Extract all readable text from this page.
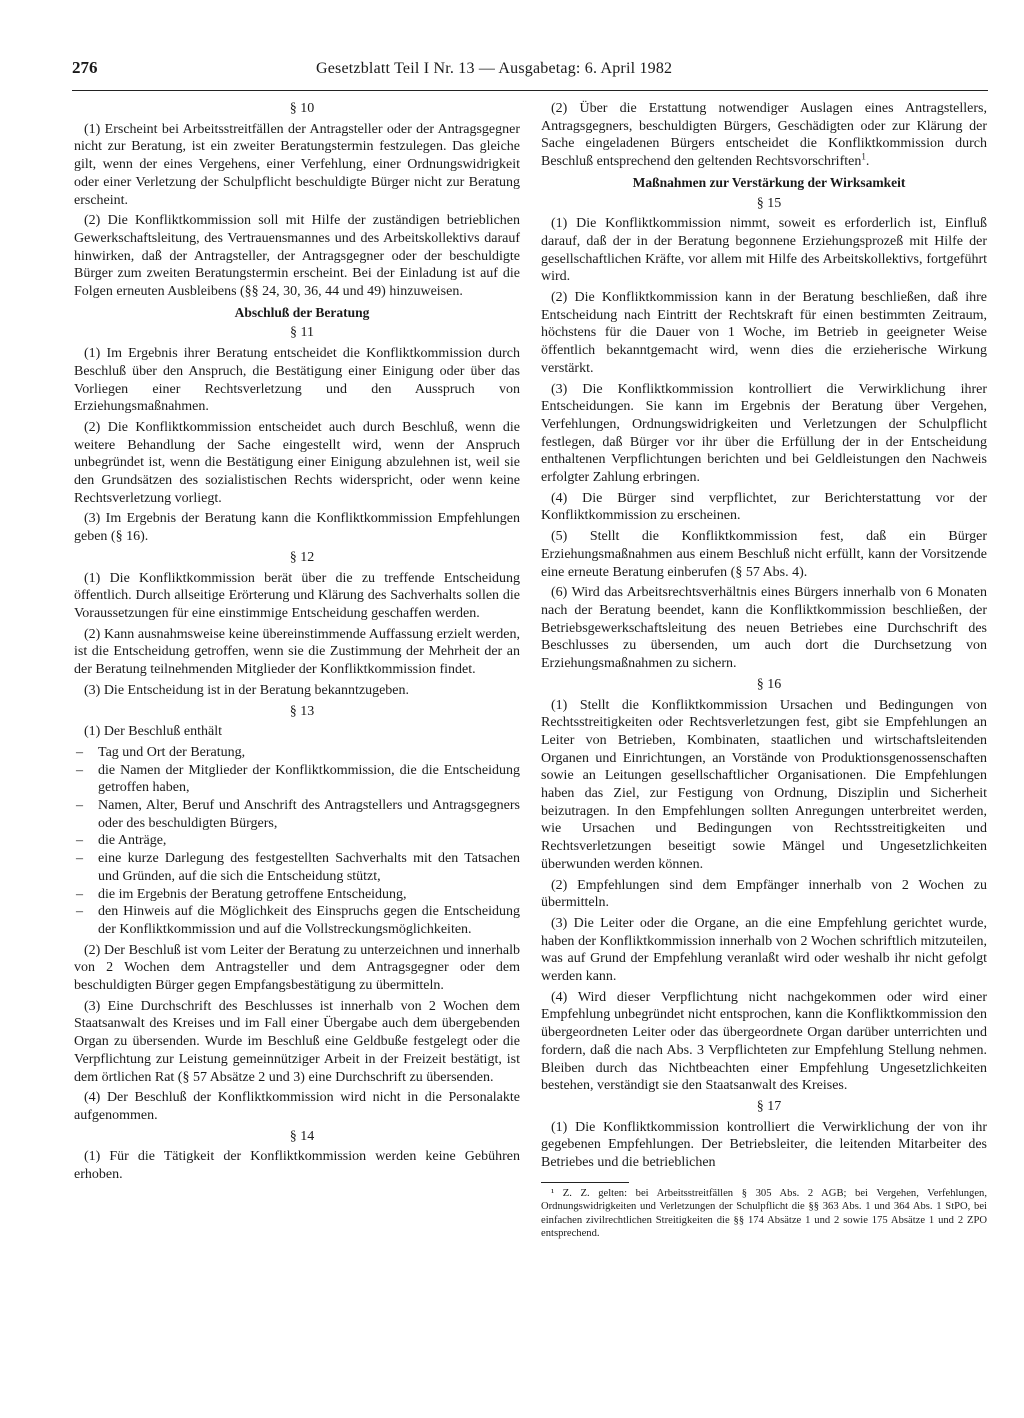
276	Gesetzblatt Teil I Nr. 13 — Ausgabetag: 6. April 1982

§ 10

(1) Erscheint bei Arbeitsstreitfällen der Antragsteller oder der Antragsgegner nicht zur Beratung, ist ein zweiter Beratungstermin festzulegen. Das gleiche gilt, wenn der eines Vergehens, einer Verfehlung, einer Ordnungswidrigkeit oder einer Verletzung der Schulpflicht beschuldigte Bürger nicht zur Beratung erscheint.

(2) Die Konfliktkommission soll mit Hilfe der zuständigen betrieblichen Gewerkschaftsleitung, des Vertrauensmannes und des Arbeitskollektivs darauf hinwirken, daß der Antragsteller, der Antragsgegner oder der beschuldigte Bürger zum zweiten Beratungstermin erscheint. Bei der Einladung ist auf die Folgen erneuten Ausbleibens (§§ 24, 30, 36, 44 und 49) hinzuweisen.

Abschluß der Beratung

§ 11

(1) Im Ergebnis ihrer Beratung entscheidet die Konfliktkommission durch Beschluß über den Anspruch, die Bestätigung einer Einigung oder über das Vorliegen einer Rechtsverletzung und den Ausspruch von Erziehungsmaßnahmen.

(2) Die Konfliktkommission entscheidet auch durch Beschluß, wenn die weitere Behandlung der Sache eingestellt wird, wenn der Anspruch unbegründet ist, wenn die Bestätigung einer Einigung abzulehnen ist, weil sie den Grundsätzen des sozialistischen Rechts widerspricht, oder wenn keine Rechtsverletzung vorliegt.

(3) Im Ergebnis der Beratung kann die Konfliktkommission Empfehlungen geben (§ 16).

§ 12

(1) Die Konfliktkommission berät über die zu treffende Entscheidung öffentlich. Durch allseitige Erörterung und Klärung des Sachverhalts sollen die Voraussetzungen für eine einstimmige Entscheidung geschaffen werden.

(2) Kann ausnahmsweise keine übereinstimmende Auffassung erzielt werden, ist die Entscheidung getroffen, wenn sie die Zustimmung der Mehrheit der an der Beratung teilnehmenden Mitglieder der Konfliktkommission findet.

(3) Die Entscheidung ist in der Beratung bekanntzugeben.

§ 13

(1) Der Beschluß enthält

– Tag und Ort der Beratung,
– die Namen der Mitglieder der Konfliktkommission, die die Entscheidung getroffen haben,
– Namen, Alter, Beruf und Anschrift des Antragstellers und Antragsgegners oder des beschuldigten Bürgers,
– die Anträge,
– eine kurze Darlegung des festgestellten Sachverhalts mit den Tatsachen und Gründen, auf die sich die Entscheidung stützt,
– die im Ergebnis der Beratung getroffene Entscheidung,
– den Hinweis auf die Möglichkeit des Einspruchs gegen die Entscheidung der Konfliktkommission und auf die Vollstreckungsmöglichkeiten.

(2) Der Beschluß ist vom Leiter der Beratung zu unterzeichnen und innerhalb von 2 Wochen dem Antragsteller und dem Antragsgegner oder dem beschuldigten Bürger gegen Empfangsbestätigung zu übermitteln.

(3) Eine Durchschrift des Beschlusses ist innerhalb von 2 Wochen dem Staatsanwalt des Kreises und im Fall einer Übergabe auch dem übergebenden Organ zu übersenden. Wurde im Beschluß eine Geldbuße festgelegt oder die Verpflichtung zur Leistung gemeinnütziger Arbeit in der Freizeit bestätigt, ist dem örtlichen Rat (§ 57 Absätze 2 und 3) eine Durchschrift zu übersenden.

(4) Der Beschluß der Konfliktkommission wird nicht in die Personalakte aufgenommen.

§ 14

(1) Für die Tätigkeit der Konfliktkommission werden keine Gebühren erhoben.

(2) Über die Erstattung notwendiger Auslagen eines Antragstellers, Antragsgegners, beschuldigten Bürgers, Geschädigten oder zur Klärung der Sache eingeladenen Bürgers entscheidet die Konfliktkommission durch Beschluß entsprechend den geltenden Rechtsvorschriften$^1$.

Maßnahmen zur Verstärkung der Wirksamkeit

§ 15

(1) Die Konfliktkommission nimmt, soweit es erforderlich ist, Einfluß darauf, daß der in der Beratung begonnene Erziehungsprozeß mit Hilfe der gesellschaftlichen Kräfte, vor allem mit Hilfe des Arbeitskollektivs, fortgeführt wird.

(2) Die Konfliktkommission kann in der Beratung beschließen, daß ihre Entscheidung nach Eintritt der Rechtskraft für einen bestimmten Zeitraum, höchstens für die Dauer von 1 Woche, im Betrieb in geeigneter Weise öffentlich bekanntgemacht wird, wenn dies die erzieherische Wirkung verstärkt.

(3) Die Konfliktkommission kontrolliert die Verwirklichung ihrer Entscheidungen. Sie kann im Ergebnis der Beratung über Vergehen, Verfehlungen, Ordnungswidrigkeiten und Verletzungen der Schulpflicht festlegen, daß Bürger vor ihr über die Erfüllung der in der Entscheidung enthaltenen Verpflichtungen berichten und bei Geldleistungen den Nachweis erfolgter Zahlung erbringen.

(4) Die Bürger sind verpflichtet, zur Berichterstattung vor der Konfliktkommission zu erscheinen.

(5) Stellt die Konfliktkommission fest, daß ein Bürger Erziehungsmaßnahmen aus einem Beschluß nicht erfüllt, kann der Vorsitzende eine erneute Beratung einberufen (§ 57 Abs. 4).

(6) Wird das Arbeitsrechtsverhältnis eines Bürgers innerhalb von 6 Monaten nach der Beratung beendet, kann die Konfliktkommission beschließen, der Betriebsgewerkschaftsleitung des neuen Betriebes eine Durchschrift des Beschlusses zu übersenden, um auch dort die Durchsetzung von Erziehungsmaßnahmen zu sichern.

§ 16

(1) Stellt die Konfliktkommission Ursachen und Bedingungen von Rechtsstreitigkeiten oder Rechtsverletzungen fest, gibt sie Empfehlungen an Leiter von Betrieben, Kombinaten, staatlichen und wirtschaftsleitenden Organen und Einrichtungen, an Vorstände von Produktionsgenossenschaften sowie an Leitungen gesellschaftlicher Organisationen. Die Empfehlungen haben das Ziel, zur Festigung von Ordnung, Disziplin und Sicherheit beizutragen. In den Empfehlungen sollten Anregungen unterbreitet werden, wie Ursachen und Bedingungen von Rechtsstreitigkeiten und Rechtsverletzungen beseitigt sowie Mängel und Ungesetzlichkeiten überwunden werden können.

(2) Empfehlungen sind dem Empfänger innerhalb von 2 Wochen zu übermitteln.

(3) Die Leiter oder die Organe, an die eine Empfehlung gerichtet wurde, haben der Konfliktkommission innerhalb von 2 Wochen schriftlich mitzuteilen, was auf Grund der Empfehlung veranlaßt wird oder weshalb ihr nicht gefolgt werden kann.

(4) Wird dieser Verpflichtung nicht nachgekommen oder wird einer Empfehlung unbegründet nicht entsprochen, kann die Konfliktkommission den übergeordneten Leiter oder das übergeordnete Organ darüber unterrichten und fordern, daß die nach Abs. 3 Verpflichteten zur Empfehlung Stellung nehmen. Bleiben durch das Nichtbeachten einer Empfehlung Ungesetzlichkeiten bestehen, verständigt sie den Staatsanwalt des Kreises.

§ 17

(1) Die Konfliktkommission kontrolliert die Verwirklichung der von ihr gegebenen Empfehlungen. Der Betriebsleiter, die leitenden Mitarbeiter des Betriebes und die betrieblichen

¹ Z. Z. gelten: bei Arbeitsstreitfällen § 305 Abs. 2 AGB; bei Vergehen, Verfehlungen, Ordnungswidrigkeiten und Verletzungen der Schulpflicht die §§ 363 Abs. 1 und 364 Abs. 1 StPO, bei einfachen zivilrechtlichen Streitigkeiten die §§ 174 Absätze 1 und 2 sowie 175 Absätze 1 und 2 ZPO entsprechend.
